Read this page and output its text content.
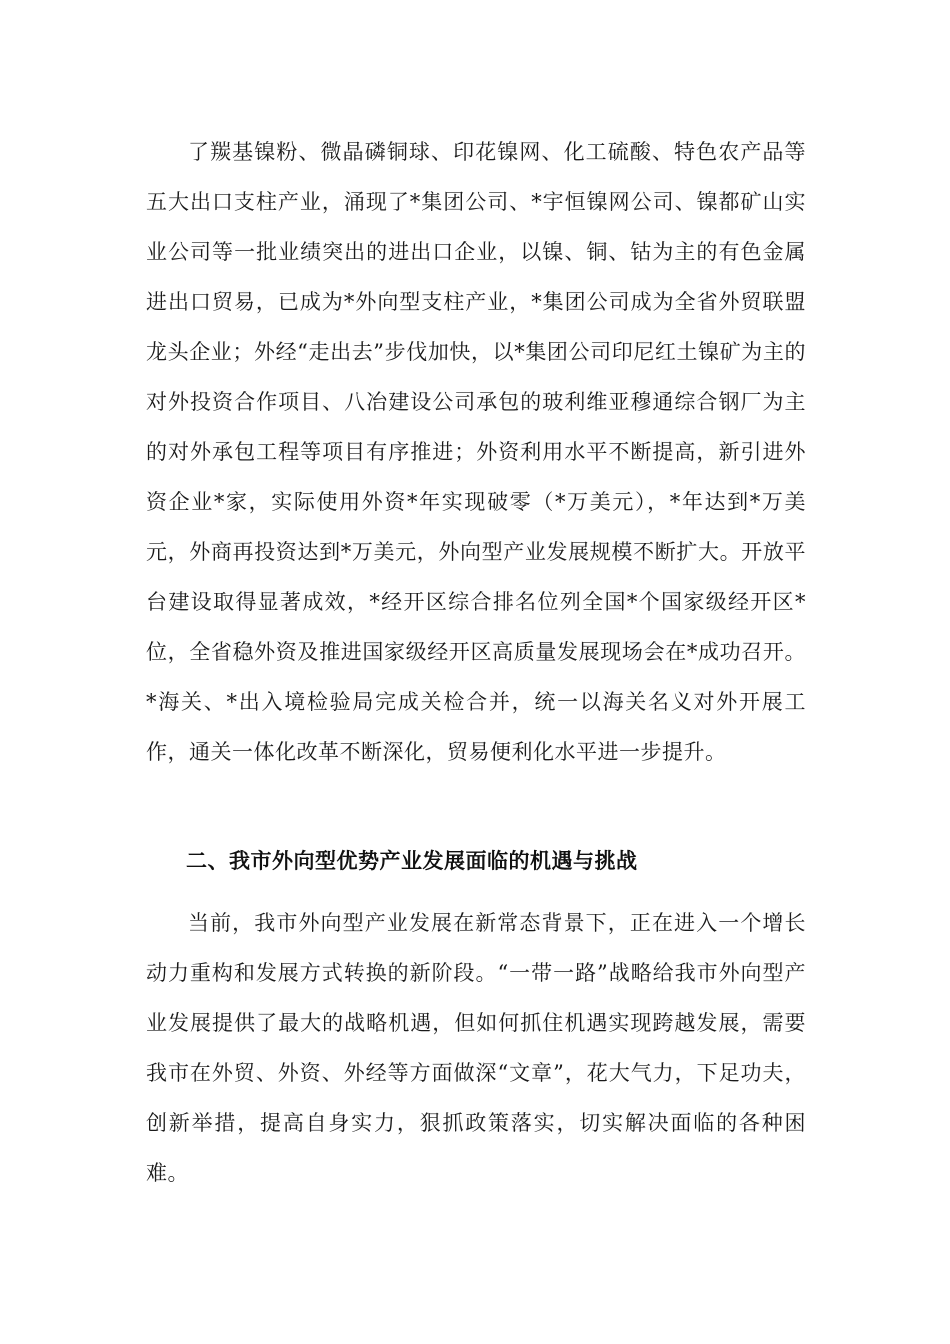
了羰基镍粉、微晶磷铜球、印花镍网、化工硫酸、特色农产品等五大出口支柱产业，涌现了*集团公司、*宇恒镍网公司、镍都矿山实业公司等一批业绩突出的进出口企业，以镍、铜、钴为主的有色金属进出口贸易，已成为*外向型支柱产业，*集团公司成为全省外贸联盟龙头企业；外经“走出去”步伐加快，以*集团公司印尼红土镍矿为主的对外投资合作项目、八冶建设公司承包的玻利维亚穆通综合钢厂为主的对外承包工程等项目有序推进；外资利用水平不断提高，新引进外资企业*家，实际使用外资*年实现破零（*万美元），*年达到*万美元，外商再投资达到*万美元，外向型产业发展规模不断扩大。开放平台建设取得显著成效，*经开区综合排名位列全国*个国家级经开区*位，全省稳外资及推进国家级经开区高质量发展现场会在*成功召开。*海关、*出入境检验局完成关检合并，统一以海关名义对外开展工作，通关一体化改革不断深化，贸易便利化水平进一步提升。

二、我市外向型优势产业发展面临的机遇与挑战

当前，我市外向型产业发展在新常态背景下，正在进入一个增长动力重构和发展方式转换的新阶段。“一带一路”战略给我市外向型产业发展提供了最大的战略机遇，但如何抓住机遇实现跨越发展，需要我市在外贸、外资、外经等方面做深“文章”，花大气力，下足功夫，创新举措，提高自身实力，狠抓政策落实，切实解决面临的各种困难。
